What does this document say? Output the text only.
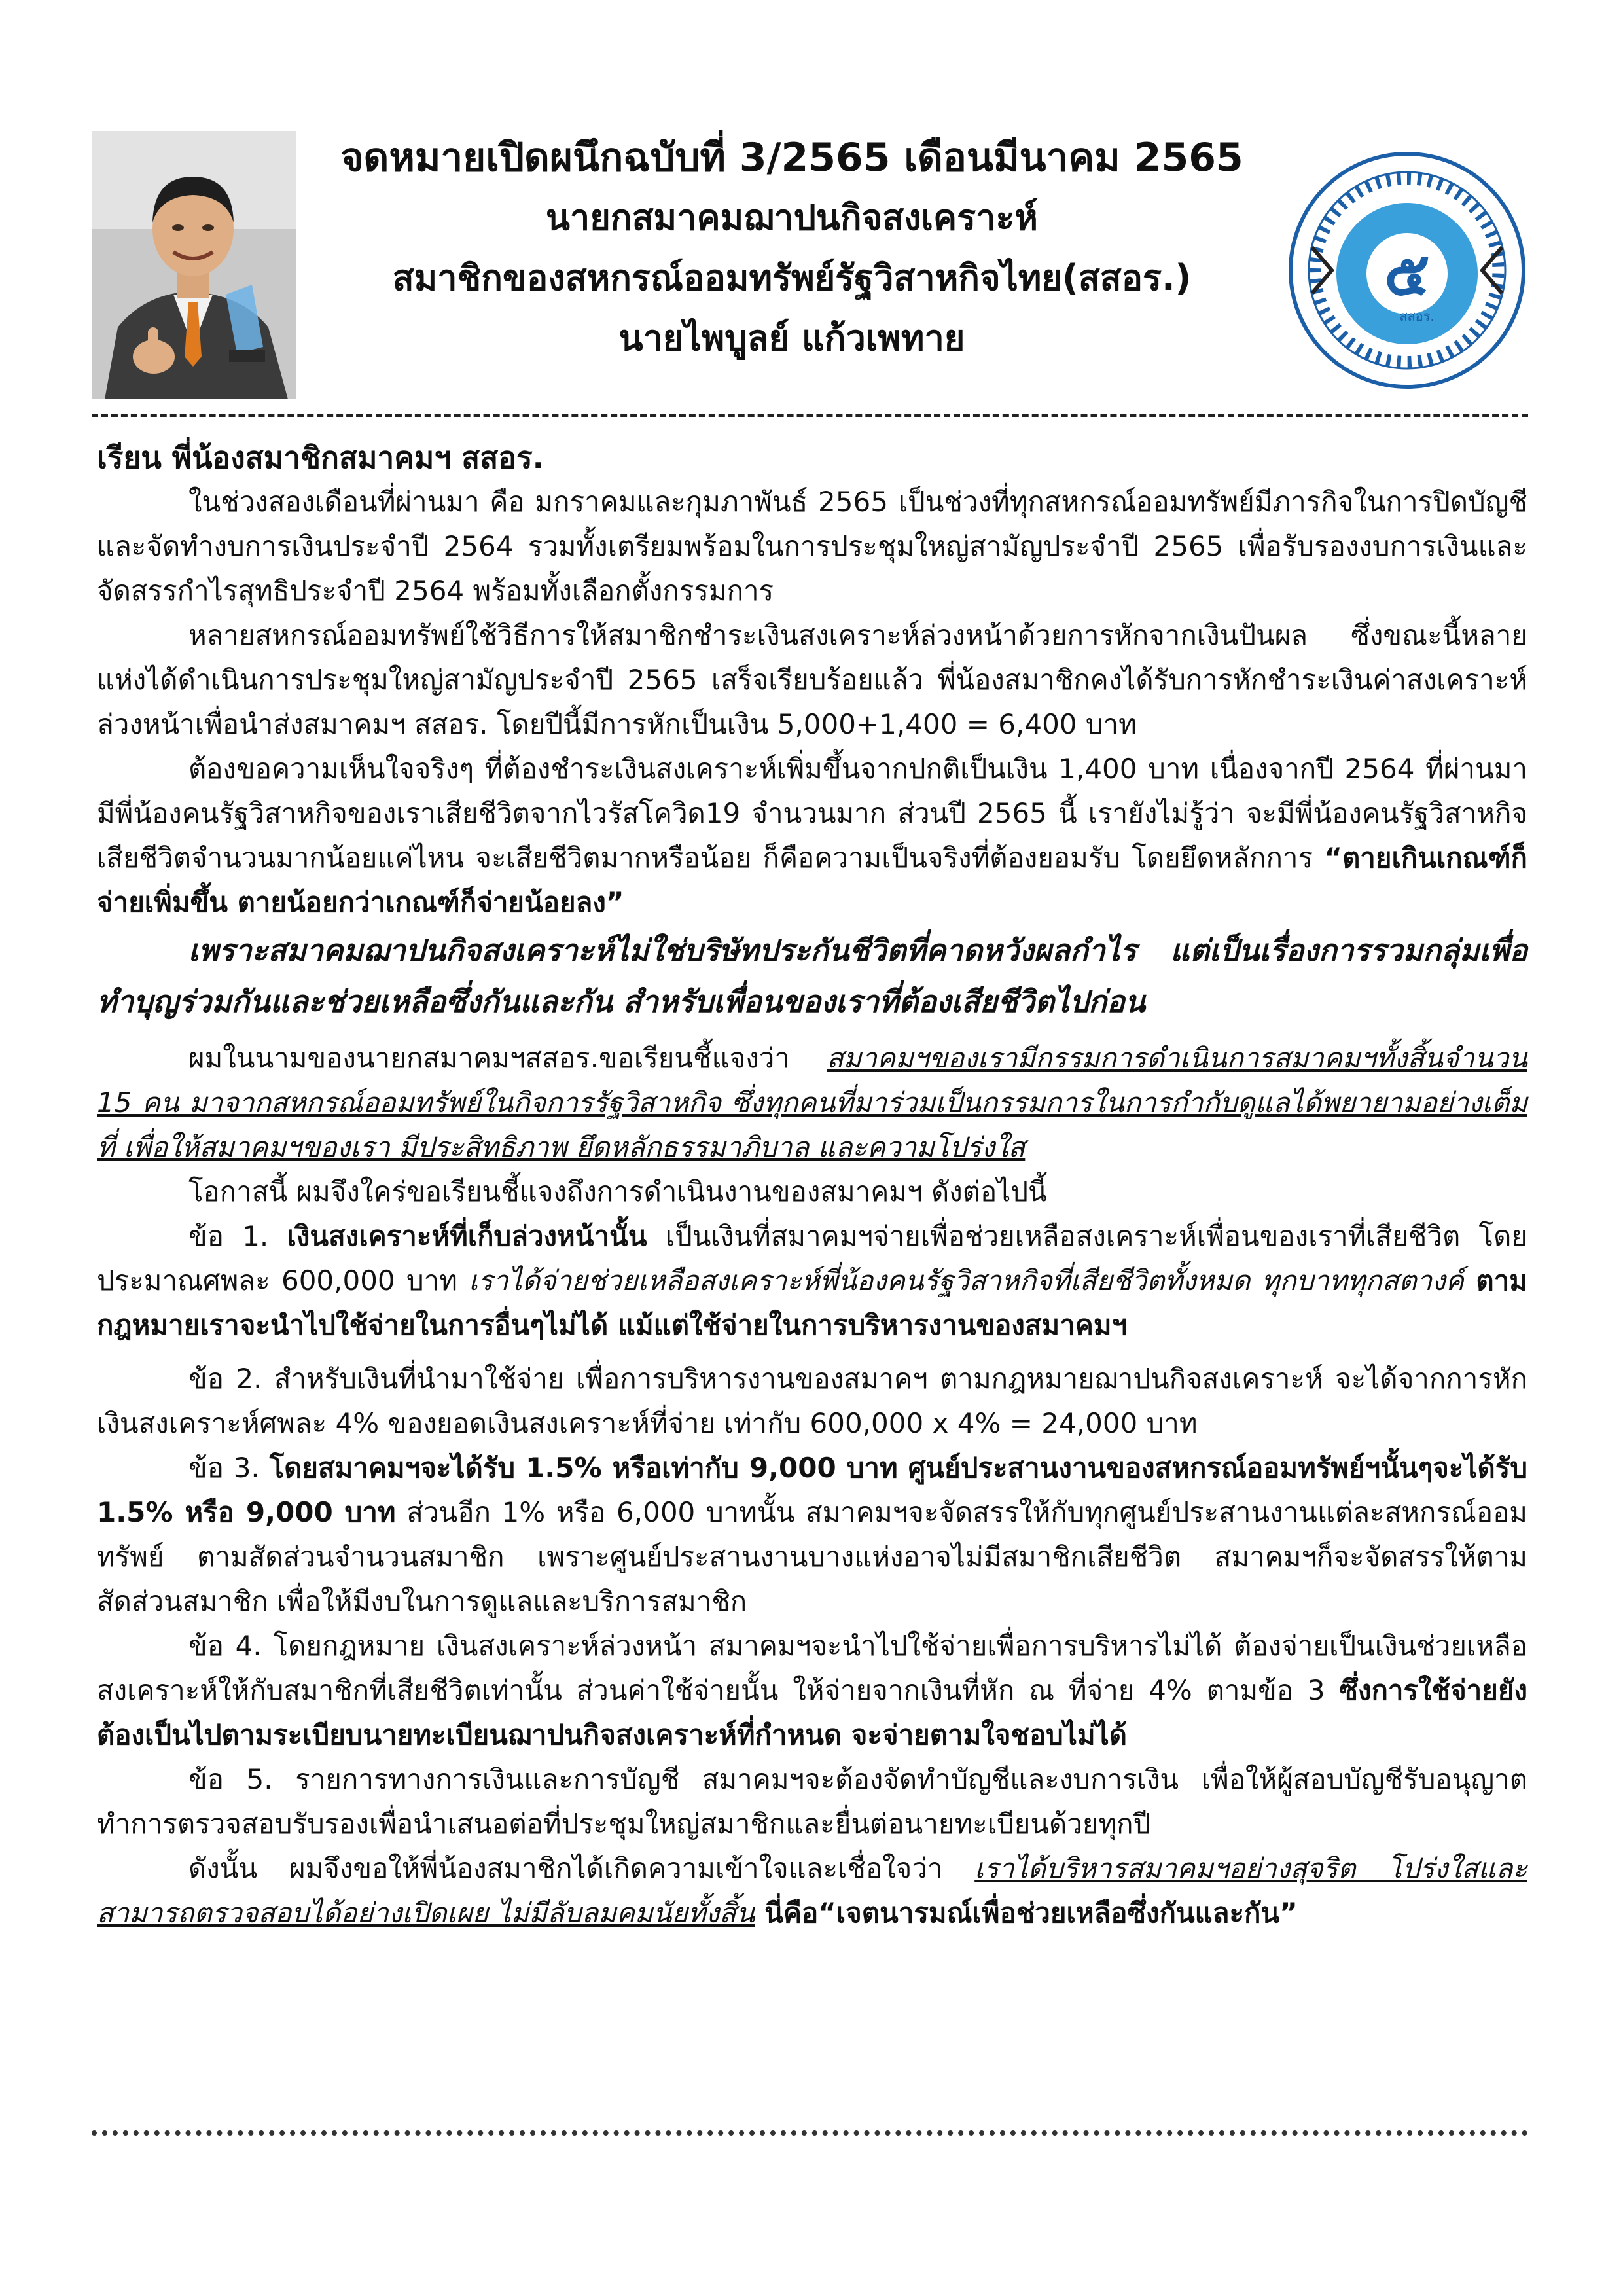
จดหมายเปิดผนึกฉบับที่ 3/2565 เดือนมีนาคม 2565
นายกสมาคมฌาปนกิจสงเคราะห์
สมาชิกของสหกรณ์ออมทรัพย์รัฐวิสาหกิจไทย(สสอร.)
นายไพบูลย์ แก้วเพทาย
๕
สสอร.

เรียน พี่น้องสมาชิกสมาคมฯ สสอร.

ในช่วงสองเดือนที่ผ่านมา คือ มกราคมและกุมภาพันธ์ 2565 เป็นช่วงที่ทุกสหกรณ์ออมทรัพย์มีภารกิจในการปิดบัญชีและจัดทำงบการเงินประจำปี 2564 รวมทั้งเตรียมพร้อมในการประชุมใหญ่สามัญประจำปี 2565 เพื่อรับรองงบการเงินและจัดสรรกำไรสุทธิประจำปี 2564 พร้อมทั้งเลือกตั้งกรรมการ

หลายสหกรณ์ออมทรัพย์ใช้วิธีการให้สมาชิกชำระเงินสงเคราะห์ล่วงหน้าด้วยการหักจากเงินปันผล ซึ่งขณะนี้หลายแห่งได้ดำเนินการประชุมใหญ่สามัญประจำปี 2565 เสร็จเรียบร้อยแล้ว พี่น้องสมาชิกคงได้รับการหักชำระเงินค่าสงเคราะห์ล่วงหน้าเพื่อนำส่งสมาคมฯ สสอร. โดยปีนี้มีการหักเป็นเงิน 5,000+1,400 = 6,400 บาท

ต้องขอความเห็นใจจริงๆ ที่ต้องชำระเงินสงเคราะห์เพิ่มขึ้นจากปกติเป็นเงิน 1,400 บาท เนื่องจากปี 2564 ที่ผ่านมา มีพี่น้องคนรัฐวิสาหกิจของเราเสียชีวิตจากไวรัสโควิด19 จำนวนมาก ส่วนปี 2565 นี้ เรายังไม่รู้ว่า จะมีพี่น้องคนรัฐวิสาหกิจเสียชีวิตจำนวนมากน้อยแค่ไหน จะเสียชีวิตมากหรือน้อย ก็คือความเป็นจริงที่ต้องยอมรับ โดยยึดหลักการ “ตายเกินเกณฑ์ก็จ่ายเพิ่มขึ้น ตายน้อยกว่าเกณฑ์ก็จ่ายน้อยลง”

เพราะสมาคมฌาปนกิจสงเคราะห์ไม่ใช่บริษัทประกันชีวิตที่คาดหวังผลกำไร แต่เป็นเรื่องการรวมกลุ่มเพื่อทำบุญร่วมกันและช่วยเหลือซึ่งกันและกัน สำหรับเพื่อนของเราที่ต้องเสียชีวิตไปก่อน

ผมในนามของนายกสมาคมฯสสอร.ขอเรียนชี้แจงว่า สมาคมฯของเรามีกรรมการดำเนินการสมาคมฯทั้งสิ้นจำนวน 15 คน มาจากสหกรณ์ออมทรัพย์ในกิจการรัฐวิสาหกิจ ซึ่งทุกคนที่มาร่วมเป็นกรรมการในการกำกับดูแลได้พยายามอย่างเต็มที่ เพื่อให้สมาคมฯของเรา มีประสิทธิภาพ ยึดหลักธรรมาภิบาล และความโปร่งใส

โอกาสนี้ ผมจึงใคร่ขอเรียนชี้แจงถึงการดำเนินงานของสมาคมฯ ดังต่อไปนี้

ข้อ 1. เงินสงเคราะห์ที่เก็บล่วงหน้านั้น เป็นเงินที่สมาคมฯจ่ายเพื่อช่วยเหลือสงเคราะห์เพื่อนของเราที่เสียชีวิต โดยประมาณศพละ 600,000 บาท เราได้จ่ายช่วยเหลือสงเคราะห์พี่น้องคนรัฐวิสาหกิจที่เสียชีวิตทั้งหมด ทุกบาททุกสตางค์ ตามกฎหมายเราจะนำไปใช้จ่ายในการอื่นๆไม่ได้ แม้แต่ใช้จ่ายในการบริหารงานของสมาคมฯ

ข้อ 2. สำหรับเงินที่นำมาใช้จ่าย เพื่อการบริหารงานของสมาคฯ ตามกฎหมายฌาปนกิจสงเคราะห์ จะได้จากการหักเงินสงเคราะห์ศพละ 4% ของยอดเงินสงเคราะห์ที่จ่าย เท่ากับ 600,000 x 4% = 24,000 บาท

ข้อ 3. โดยสมาคมฯจะได้รับ 1.5% หรือเท่ากับ 9,000 บาท ศูนย์ประสานงานของสหกรณ์ออมทรัพย์ฯนั้นๆจะได้รับ 1.5% หรือ 9,000 บาท ส่วนอีก 1% หรือ 6,000 บาทนั้น สมาคมฯจะจัดสรรให้กับทุกศูนย์ประสานงานแต่ละสหกรณ์ออมทรัพย์ ตามสัดส่วนจำนวนสมาชิก เพราะศูนย์ประสานงานบางแห่งอาจไม่มีสมาชิกเสียชีวิต สมาคมฯก็จะจัดสรรให้ตามสัดส่วนสมาชิก เพื่อให้มีงบในการดูแลและบริการสมาชิก

ข้อ 4. โดยกฎหมาย เงินสงเคราะห์ล่วงหน้า สมาคมฯจะนำไปใช้จ่ายเพื่อการบริหารไม่ได้ ต้องจ่ายเป็นเงินช่วยเหลือสงเคราะห์ให้กับสมาชิกที่เสียชีวิตเท่านั้น ส่วนค่าใช้จ่ายนั้น ให้จ่ายจากเงินที่หัก ณ ที่จ่าย 4% ตามข้อ 3 ซึ่งการใช้จ่ายยังต้องเป็นไปตามระเบียบนายทะเบียนฌาปนกิจสงเคราะห์ที่กำหนด จะจ่ายตามใจชอบไม่ได้

ข้อ 5. รายการทางการเงินและการบัญชี สมาคมฯจะต้องจัดทำบัญชีและงบการเงิน เพื่อให้ผู้สอบบัญชีรับอนุญาตทำการตรวจสอบรับรองเพื่อนำเสนอต่อที่ประชุมใหญ่สมาชิกและยื่นต่อนายทะเบียนด้วยทุกปี

ดังนั้น ผมจึงขอให้พี่น้องสมาชิกได้เกิดความเข้าใจและเชื่อใจว่า เราได้บริหารสมาคมฯอย่างสุจริต โปร่งใสและสามารถตรวจสอบได้อย่างเปิดเผย ไม่มีลับลมคมนัยทั้งสิ้น นี่คือ“เจตนารมณ์เพื่อช่วยเหลือซึ่งกันและกัน”
